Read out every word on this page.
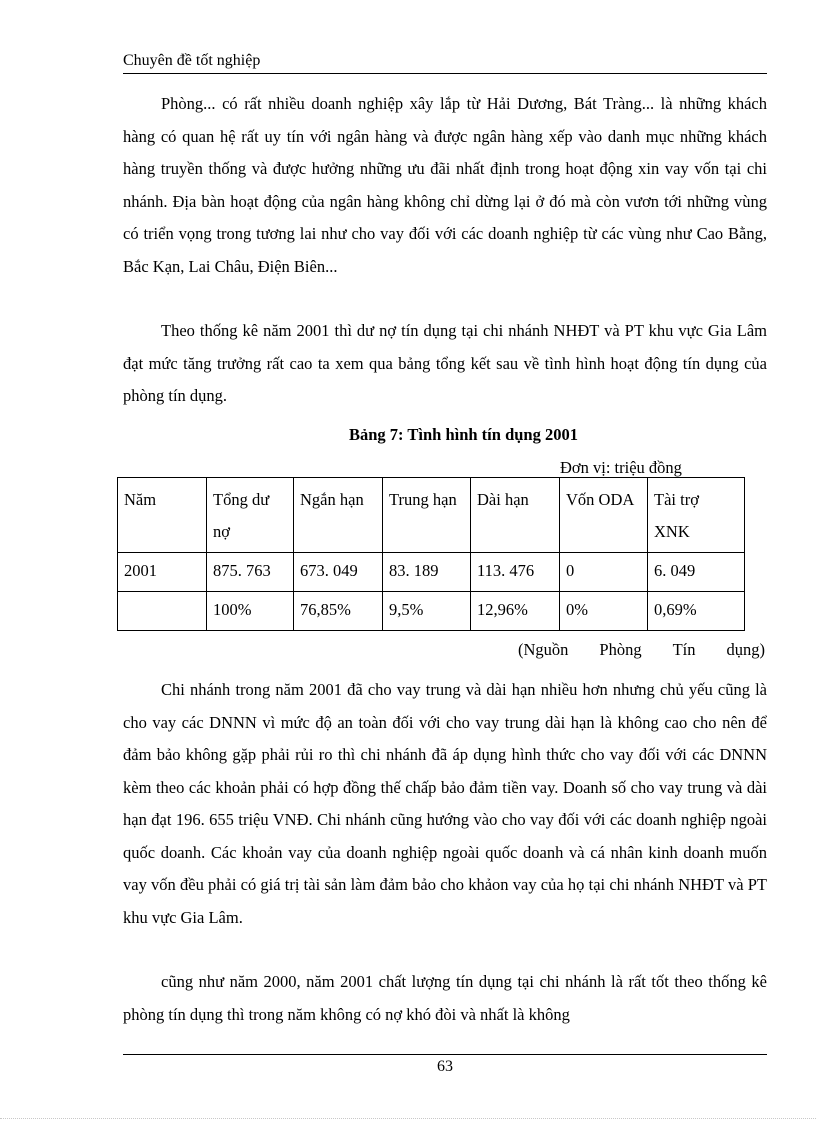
Chuyên đề tốt nghiệp

Phòng... có rất nhiều doanh nghiệp xây lắp từ Hải Dương, Bát Tràng... là những khách hàng có quan hệ rất uy tín với ngân hàng và được ngân hàng xếp vào danh mục những khách hàng truyền thống và được hưởng những ưu đãi nhất định trong hoạt động xin vay vốn tại chi nhánh. Địa bàn hoạt động của ngân hàng không chỉ dừng lại ở đó mà còn vươn tới những vùng có triển vọng trong tương lai như cho vay đối với các doanh nghiệp từ các vùng như Cao Bằng, Bắc Kạn, Lai Châu, Điện Biên...

Theo thống kê năm 2001 thì dư nợ tín dụng tại chi nhánh NHĐT và PT khu vực Gia Lâm đạt mức tăng trưởng rất cao ta xem qua bảng tổng kết sau về tình hình hoạt động tín dụng của phòng tín dụng.

Bảng 7: Tình hình tín dụng 2001
Đơn vị: triệu đồng
Năm	Tổng dư nợ	Ngắn hạn	Trung hạn	Dài hạn	Vốn ODA	Tài trợ XNK
2001	875. 763	673. 049	83. 189	113. 476	0	6. 049
	100%	76,85%	9,5%	12,96%	0%	0,69%
(Nguồn Phòng Tín dụng)

Chi nhánh trong năm 2001 đã cho vay trung và dài hạn nhiều hơn nhưng chủ yếu cũng là cho vay các DNNN vì mức độ an toàn đối với cho vay trung dài hạn là không cao cho nên để đảm bảo không gặp phải rủi ro thì chi nhánh đã áp dụng hình thức cho vay đối với các DNNN kèm theo các khoản phải có hợp đồng thế chấp bảo đảm tiền vay. Doanh số cho vay trung và dài hạn đạt 196. 655 triệu VNĐ. Chi nhánh cũng hướng vào cho vay đối với các doanh nghiệp ngoài quốc doanh. Các khoản vay của doanh nghiệp ngoài quốc doanh và cá nhân kinh doanh muốn vay vốn đều phải có giá trị tài sản làm đảm bảo cho khảon vay của họ tại chi nhánh NHĐT và PT khu vực Gia Lâm.

cũng như năm 2000, năm 2001 chất lượng tín dụng tại chi nhánh là rất tốt theo thống kê phòng tín dụng thì trong năm không có nợ khó đòi và nhất là không

63
